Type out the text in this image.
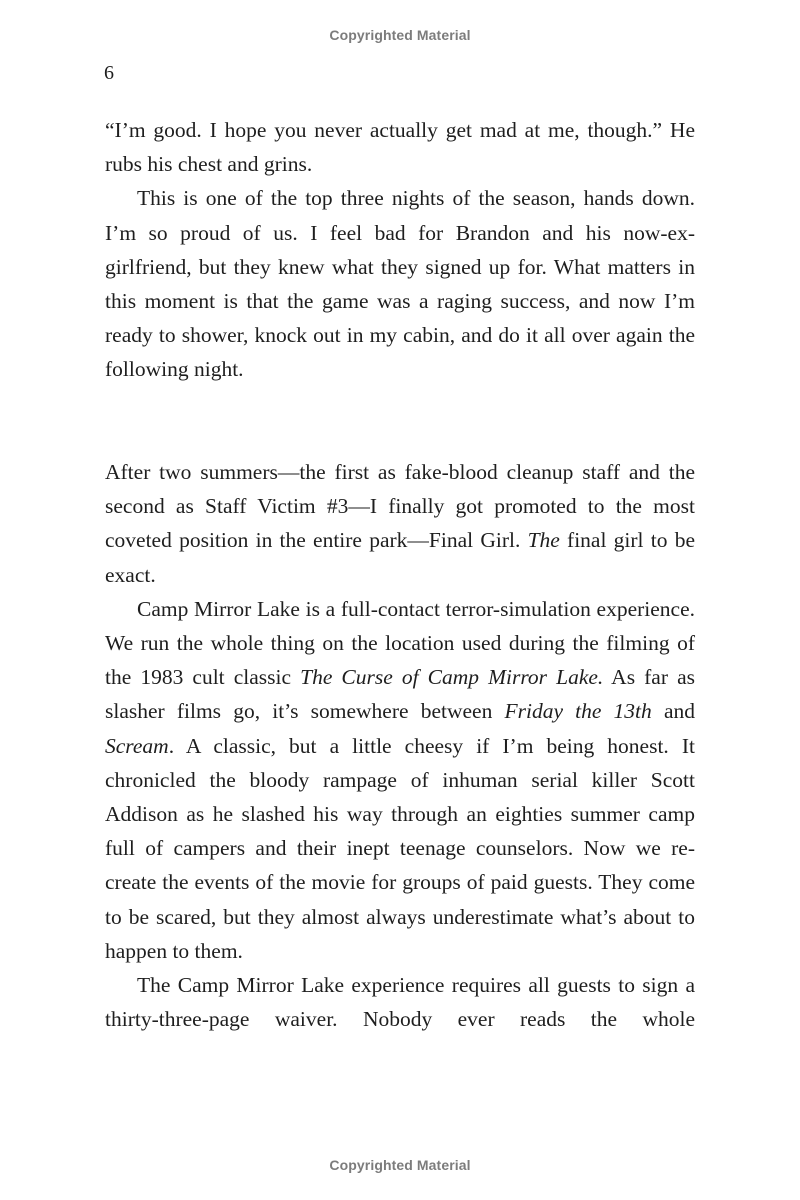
Copyrighted Material
6

“I’m good. I hope you never actually get mad at me, though.” He rubs his chest and grins.

This is one of the top three nights of the season, hands down. I’m so proud of us. I feel bad for Brandon and his now-ex-girlfriend, but they knew what they signed up for. What matters in this moment is that the game was a raging success, and now I’m ready to shower, knock out in my cabin, and do it all over again the following night.

After two summers—the first as fake-blood cleanup staff and the second as Staff Victim #3—I finally got promoted to the most coveted position in the entire park—Final Girl. The final girl to be exact.

Camp Mirror Lake is a full-contact terror-simulation experience. We run the whole thing on the location used during the filming of the 1983 cult classic The Curse of Camp Mirror Lake. As far as slasher films go, it’s somewhere between Friday the 13th and Scream. A classic, but a little cheesy if I’m being honest. It chronicled the bloody rampage of inhuman serial killer Scott Addison as he slashed his way through an eighties summer camp full of campers and their inept teenage counselors. Now we re-create the events of the movie for groups of paid guests. They come to be scared, but they almost always underestimate what’s about to happen to them.

The Camp Mirror Lake experience requires all guests to sign a thirty-three-page waiver. Nobody ever reads the whole

Copyrighted Material
